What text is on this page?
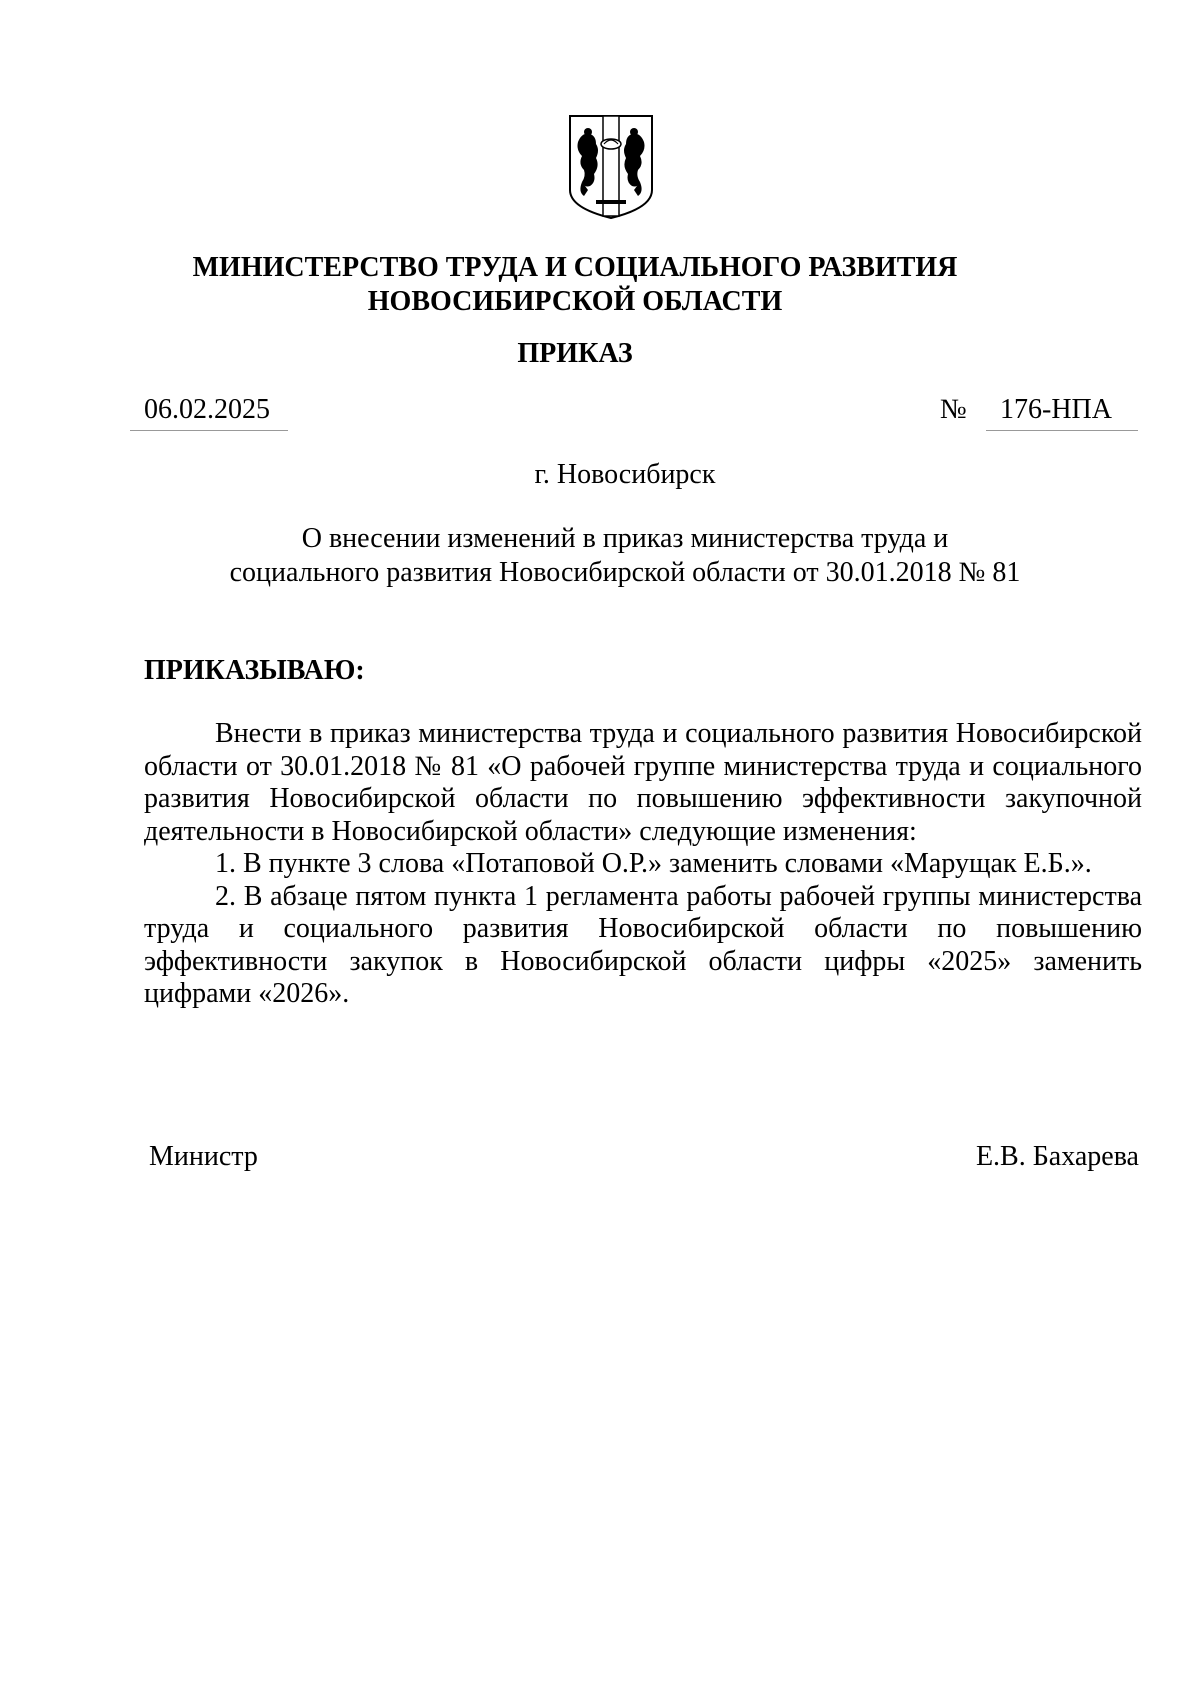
МИНИСТЕРСТВО ТРУДА И СОЦИАЛЬНОГО РАЗВИТИЯ
НОВОСИБИРСКОЙ ОБЛАСТИ
ПРИКАЗ
06.02.2025	№	176-НПА
г. Новосибирск
О внесении изменений в приказ министерства труда и
социального развития Новосибирской области от 30.01.2018 № 81
ПРИКАЗЫВАЮ:

Внести в приказ министерства труда и социального развития Новосибирской области от 30.01.2018 № 81 «О рабочей группе министерства труда и социального развития Новосибирской области по повышению эффективности закупочной деятельности в Новосибирской области» следующие изменения:

1. В пункте 3 слова «Потаповой О.Р.» заменить словами «Марущак Е.Б.».

2. В абзаце пятом пункта 1 регламента работы рабочей группы министерства труда и социального развития Новосибирской области по повышению эффективности закупок в Новосибирской области цифры «2025» заменить цифрами «2026».

Министр	Е.В. Бахарева
